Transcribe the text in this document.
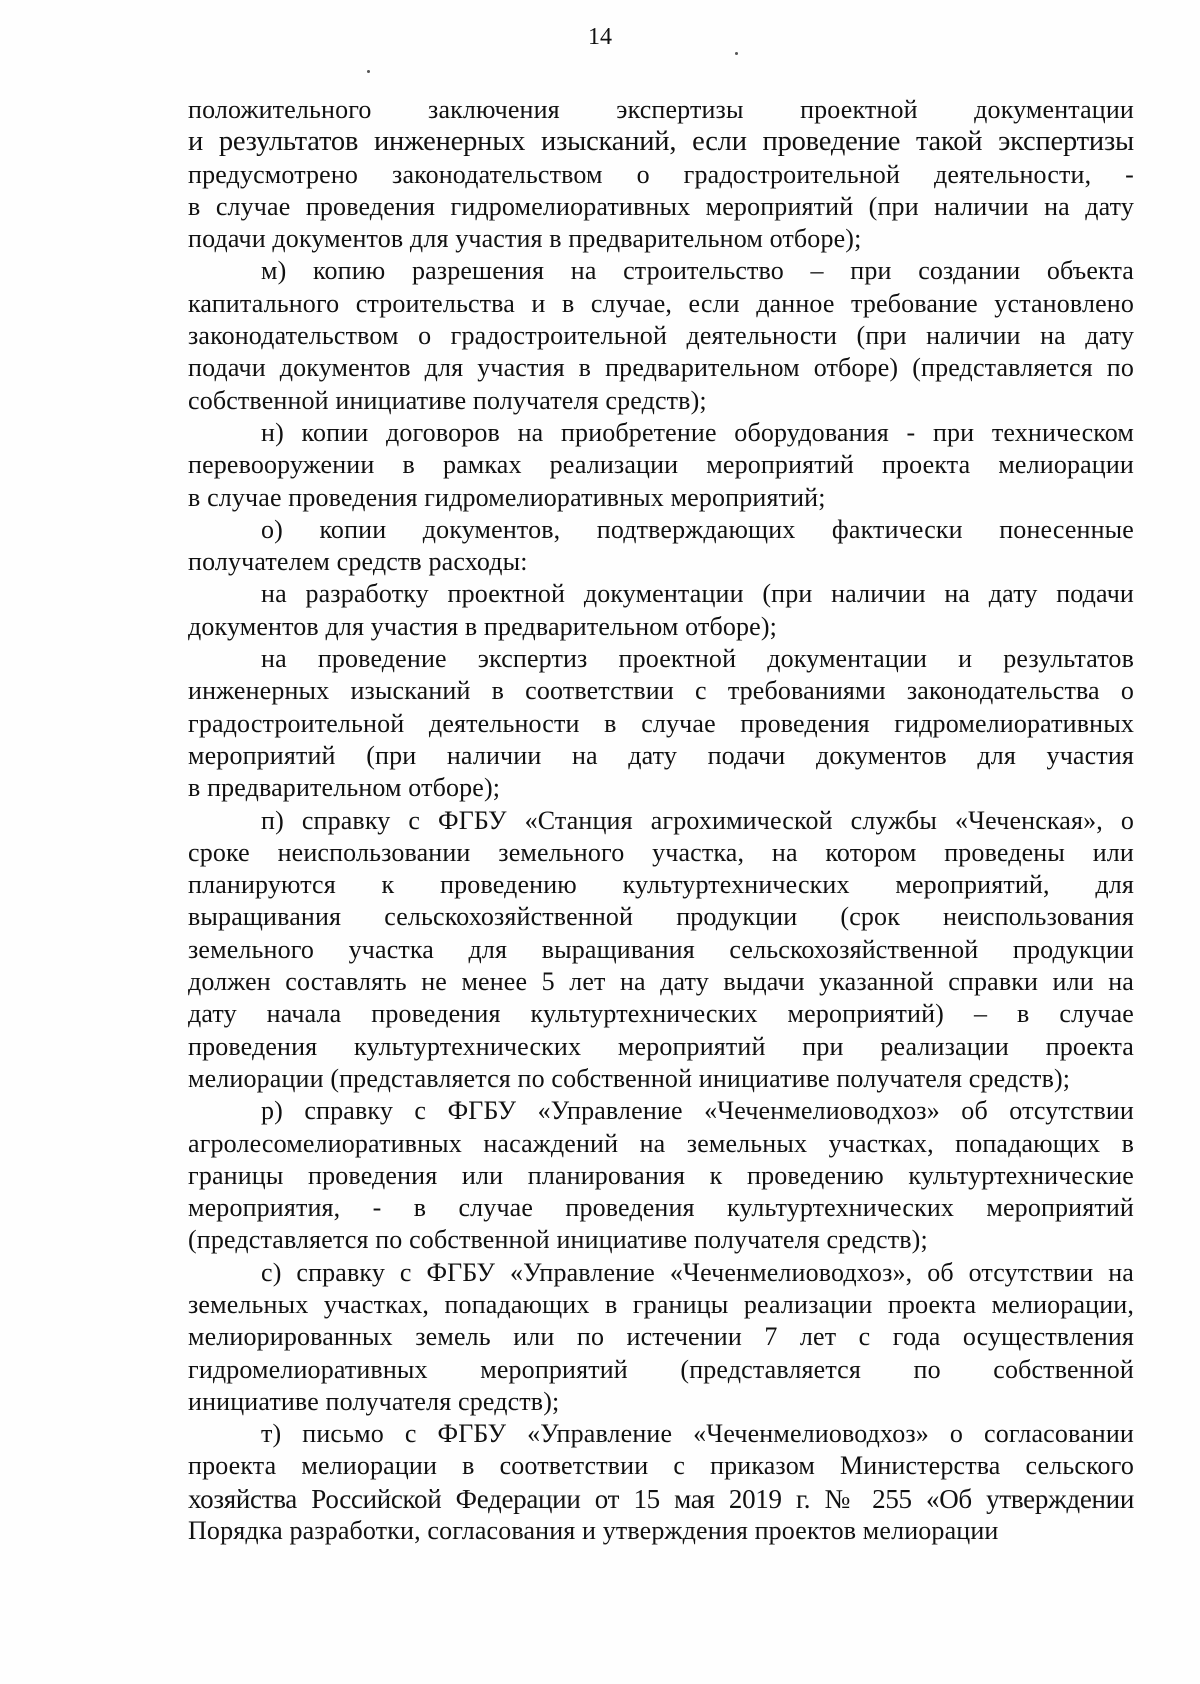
14

положительного заключения экспертизы проектной документации
и результатов инженерных изысканий, если проведение такой экспертизы
предусмотрено законодательством о градостроительной деятельности, -
в случае проведения гидромелиоративных мероприятий (при наличии на дату
подачи документов для участия в предварительном отборе);

м) копию разрешения на строительство – при создании объекта
капитального строительства и в случае, если данное требование установлено
законодательством о градостроительной деятельности (при наличии на дату
подачи документов для участия в предварительном отборе) (представляется по
собственной инициативе получателя средств);

н) копии договоров на приобретение оборудования - при техническом
перевооружении в рамках реализации мероприятий проекта мелиорации
в случае проведения гидромелиоративных мероприятий;

о) копии документов, подтверждающих фактически понесенные
получателем средств расходы:

на разработку проектной документации (при наличии на дату подачи
документов для участия в предварительном отборе);

на проведение экспертиз проектной документации и результатов
инженерных изысканий в соответствии с требованиями законодательства о
градостроительной деятельности в случае проведения гидромелиоративных
мероприятий (при наличии на дату подачи документов для участия
в предварительном отборе);

п) справку с ФГБУ «Станция агрохимической службы «Чеченская», о
сроке неиспользовании земельного участка, на котором проведены или
планируются к проведению культуртехнических мероприятий, для
выращивания сельскохозяйственной продукции (срок неиспользования
земельного участка для выращивания сельскохозяйственной продукции
должен составлять не менее 5 лет на дату выдачи указанной справки или на
дату начала проведения культуртехнических мероприятий) – в случае
проведения культуртехнических мероприятий при реализации проекта
мелиорации (представляется по собственной инициативе получателя средств);

р) справку с ФГБУ «Управление «Чеченмелиоводхоз» об отсутствии
агролесомелиоративных насаждений на земельных участках, попадающих в
границы проведения или планирования к проведению культуртехнические
мероприятия, - в случае проведения культуртехнических мероприятий
(представляется по собственной инициативе получателя средств);

с) справку с ФГБУ «Управление «Чеченмелиоводхоз», об отсутствии на
земельных участках, попадающих в границы реализации проекта мелиорации,
мелиорированных земель или по истечении 7 лет с года осуществления
гидромелиоративных мероприятий (представляется по собственной
инициативе получателя средств);

т) письмо с ФГБУ «Управление «Чеченмелиоводхоз» о согласовании
проекта мелиорации в соответствии с приказом Министерства сельского
хозяйства Российской Федерации от 15 мая 2019 г. № 255 «Об утверждении
Порядка разработки, согласования и утверждения проектов мелиорации
